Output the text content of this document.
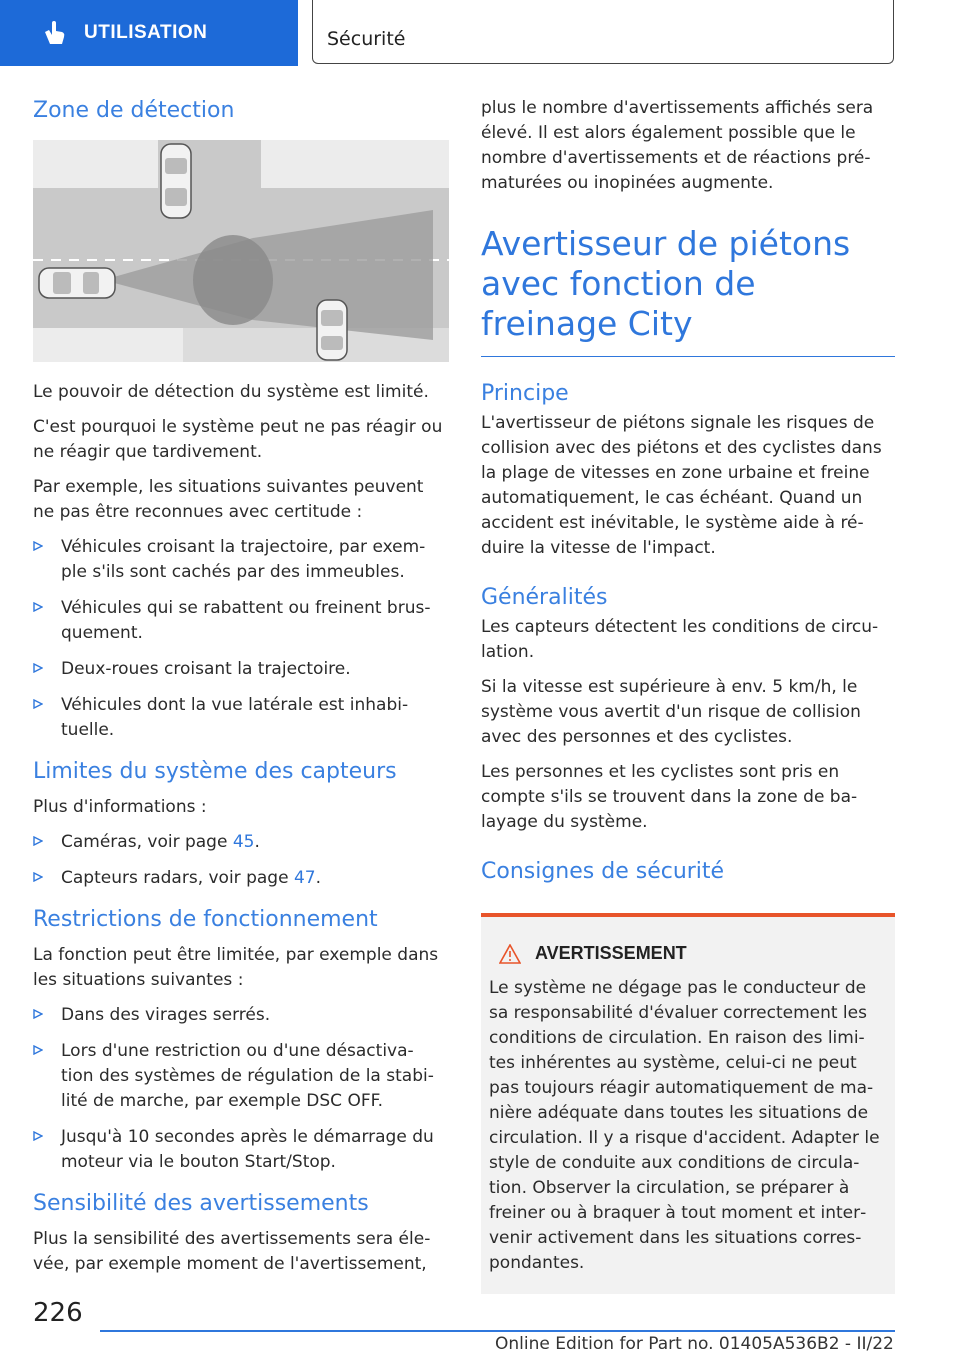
UTILISATION	Sécurité
Zone de détection

Le pouvoir de détection du système est limité.

C'est pourquoi le système peut ne pas réagir ou ne réagir que tardivement.

Par exemple, les situations suivantes peuvent ne pas être reconnues avec certitude :

Véhicules croisant la trajectoire, par exem‐ ple s'ils sont cachés par des immeubles.
Véhicules qui se rabattent ou freinent brus‐ quement.
Deux-roues croisant la trajectoire.
Véhicules dont la vue latérale est inhabi‐ tuelle.
Limites du système des capteurs

Plus d'informations :

Caméras, voir page 45.
Capteurs radars, voir page 47.
Restrictions de fonctionnement

La fonction peut être limitée, par exemple dans les situations suivantes :

Dans des virages serrés.
Lors d'une restriction ou d'une désactiva‐ tion des systèmes de régulation de la stabi‐ lité de marche, par exemple DSC OFF.
Jusqu'à 10 secondes après le démarrage du moteur via le bouton Start/Stop.
Sensibilité des avertissements

Plus la sensibilité des avertissements sera éle‐ vée, par exemple moment de l'avertissement,

plus le nombre d'avertissements affichés sera élevé. Il est alors également possible que le nombre d'avertissements et de réactions pré‐ maturées ou inopinées augmente.

Avertisseur de piétons avec fonction de freinage City
Principe

L'avertisseur de piétons signale les risques de collision avec des piétons et des cyclistes dans la plage de vitesses en zone urbaine et freine automatiquement, le cas échéant. Quand un accident est inévitable, le système aide à ré‐ duire la vitesse de l'impact.

Généralités

Les capteurs détectent les conditions de circu‐ lation.

Si la vitesse est supérieure à env. 5 km/h, le système vous avertit d'un risque de collision avec des personnes et des cyclistes.

Les personnes et les cyclistes sont pris en compte s'ils se trouvent dans la zone de ba‐ layage du système.

Consignes de sécurité
AVERTISSEMENT

Le système ne dégage pas le conducteur de sa responsabilité d'évaluer correctement les conditions de circulation. En raison des limi‐ tes inhérentes au système, celui-ci ne peut pas toujours réagir automatiquement de ma‐ nière adéquate dans toutes les situations de circulation. Il y a risque d'accident. Adapter le style de conduite aux conditions de circula‐ tion. Observer la circulation, se préparer à freiner ou à braquer à tout moment et inter‐ venir activement dans les situations corres‐ pondantes.

226
Online Edition for Part no. 01405A536B2 - II/22
